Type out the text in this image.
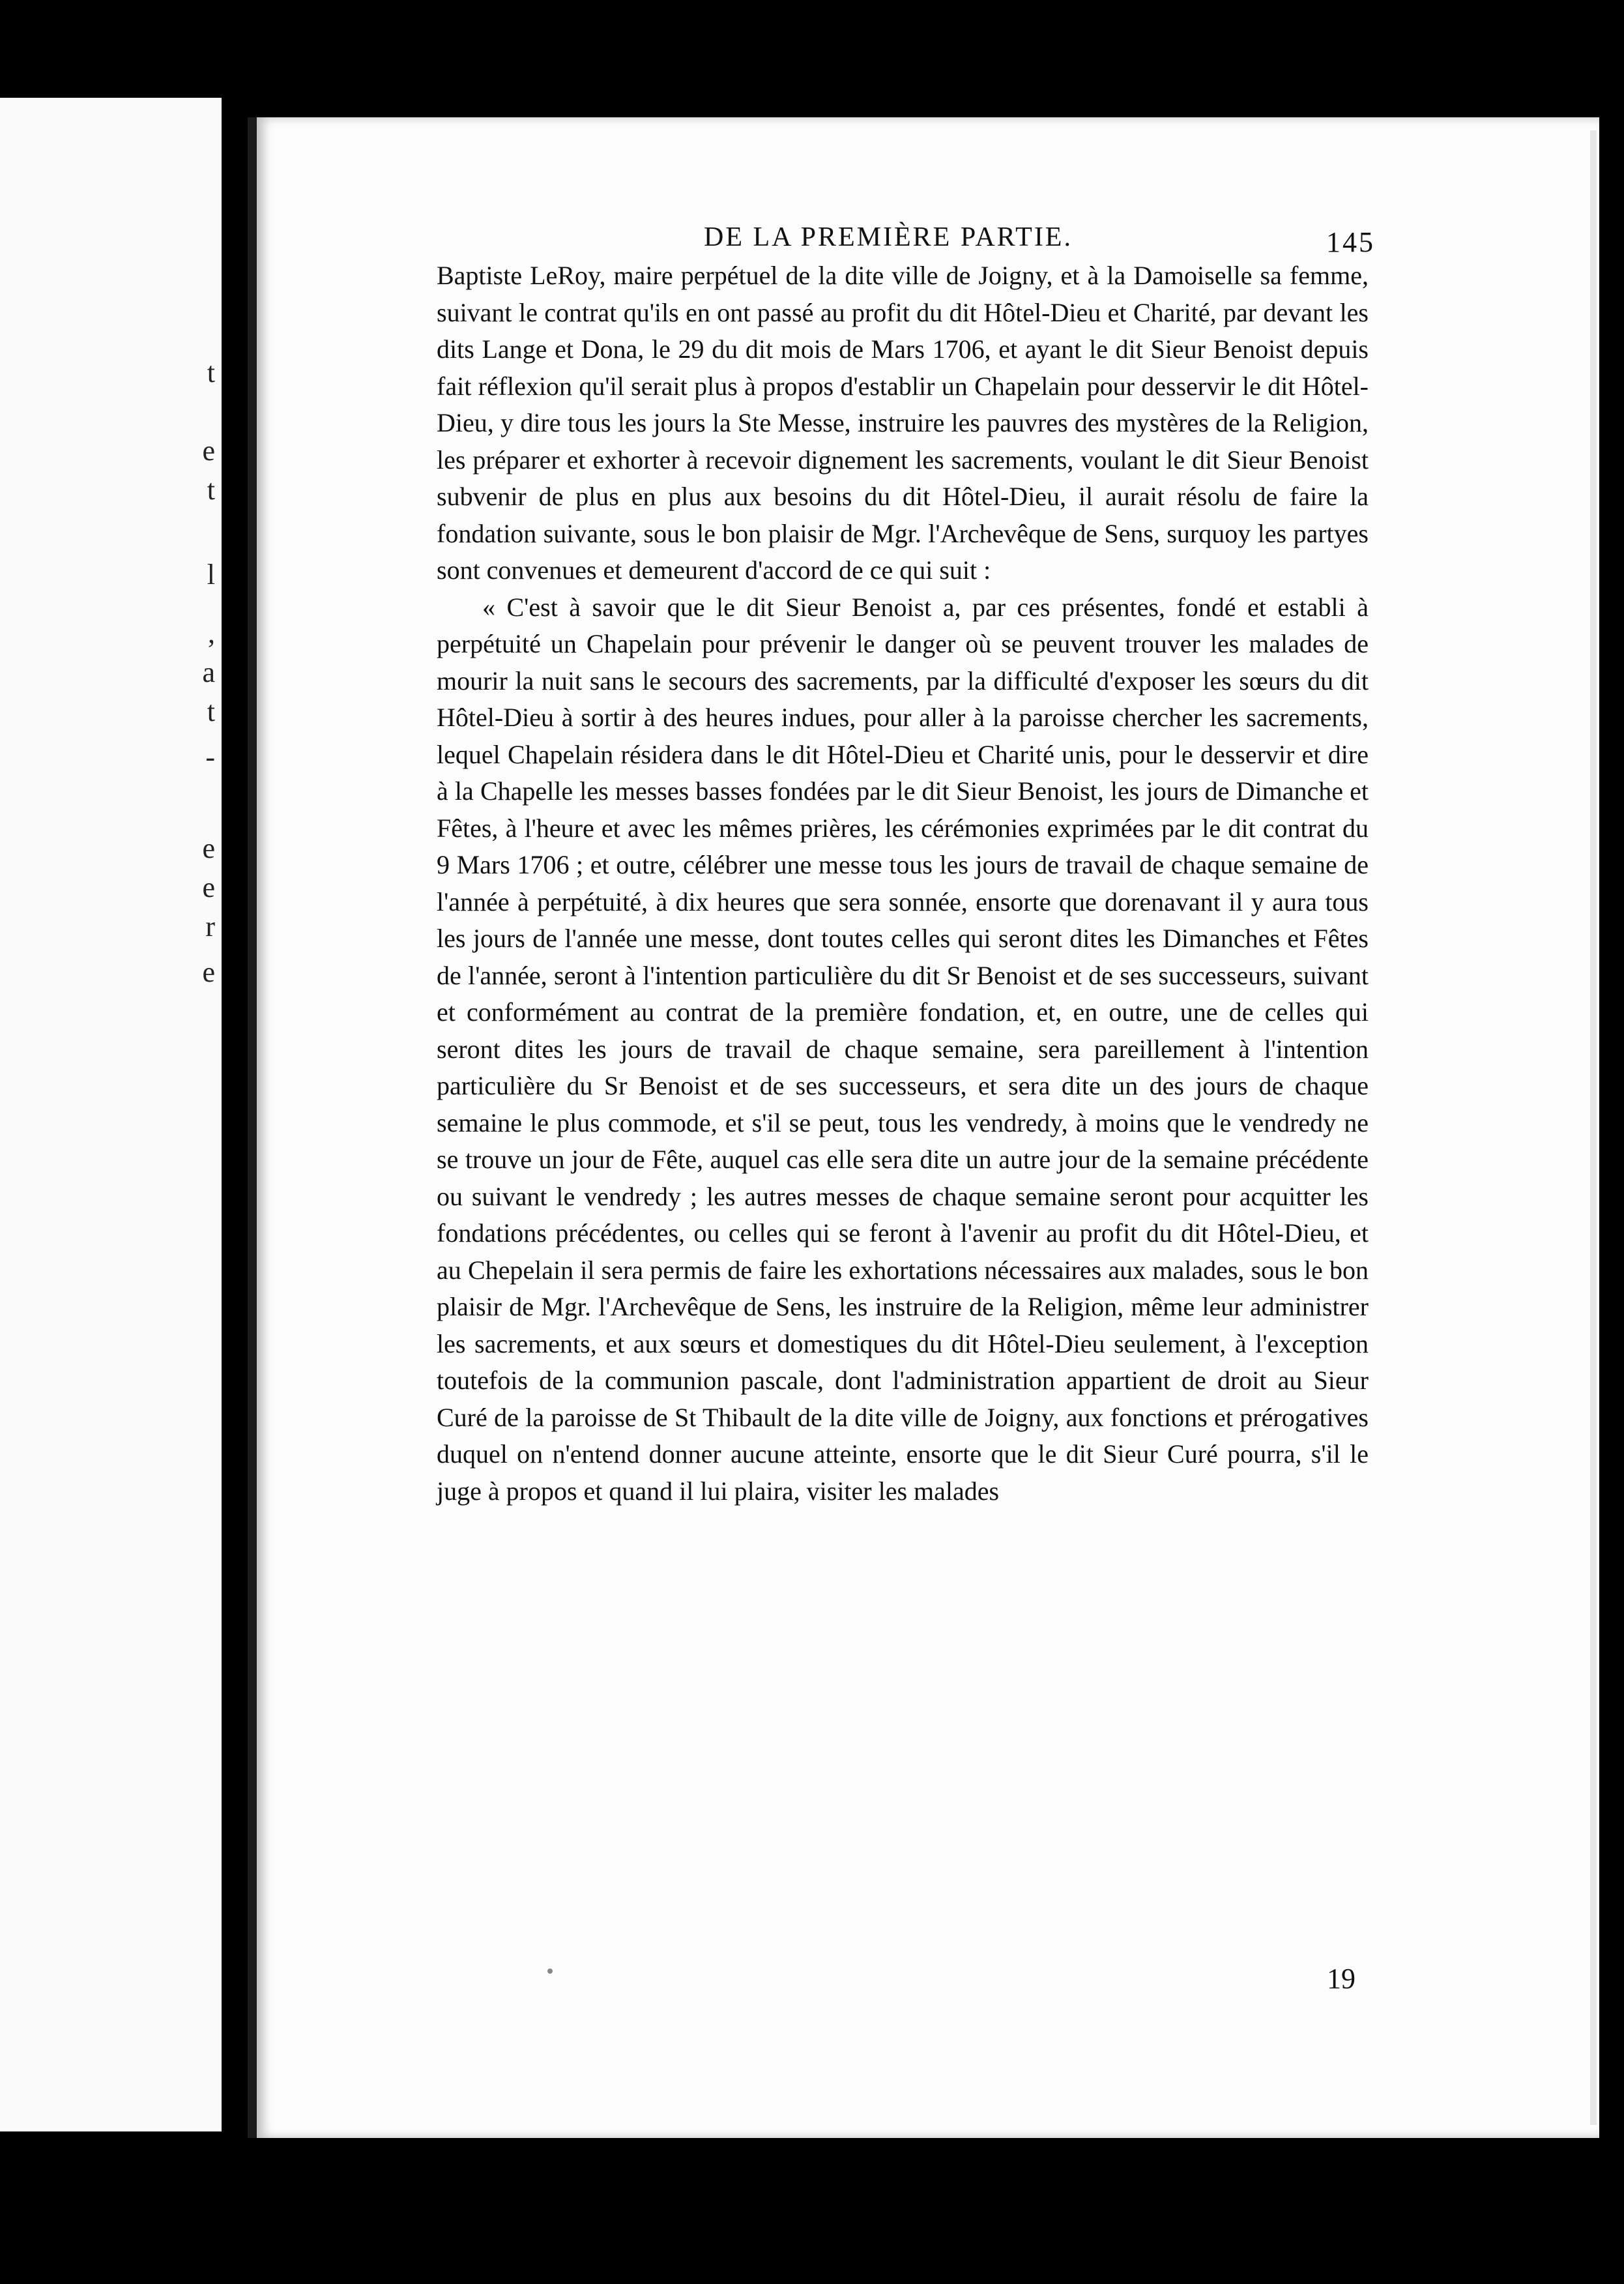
t
e
t
l
,
a
t
-
e
e
r
e
DE LA PREMIÈRE PARTIE.	145

Baptiste LeRoy, maire perpétuel de la dite ville de Joigny, et à la Damoiselle sa femme, suivant le contrat qu'ils en ont passé au profit du dit Hôtel-Dieu et Charité, par devant les dits Lange et Dona, le 29 du dit mois de Mars 1706, et ayant le dit Sieur Benoist depuis fait réflexion qu'il serait plus à propos d'establir un Chapelain pour desservir le dit Hôtel-Dieu, y dire tous les jours la Ste Messe, instruire les pauvres des mystères de la Religion, les préparer et exhorter à recevoir dignement les sacrements, voulant le dit Sieur Benoist subvenir de plus en plus aux besoins du dit Hôtel-Dieu, il aurait résolu de faire la fondation suivante, sous le bon plaisir de Mgr. l'Archevêque de Sens, surquoy les partyes sont convenues et demeurent d'accord de ce qui suit :

« C'est à savoir que le dit Sieur Benoist a, par ces présentes, fondé et establi à perpétuité un Chapelain pour prévenir le danger où se peuvent trouver les malades de mourir la nuit sans le secours des sacrements, par la difficulté d'exposer les sœurs du dit Hôtel-Dieu à sortir à des heures indues, pour aller à la paroisse chercher les sacrements, lequel Chapelain résidera dans le dit Hôtel-Dieu et Charité unis, pour le desservir et dire à la Chapelle les messes basses fondées par le dit Sieur Benoist, les jours de Dimanche et Fêtes, à l'heure et avec les mêmes prières, les cérémonies exprimées par le dit contrat du 9 Mars 1706 ; et outre, célébrer une messe tous les jours de travail de chaque semaine de l'année à perpétuité, à dix heures que sera sonnée, ensorte que dorenavant il y aura tous les jours de l'année une messe, dont toutes celles qui seront dites les Dimanches et Fêtes de l'année, seront à l'intention particulière du dit Sr Benoist et de ses successeurs, suivant et conformément au contrat de la première fondation, et, en outre, une de celles qui seront dites les jours de travail de chaque semaine, sera pareillement à l'intention particulière du Sr Benoist et de ses successeurs, et sera dite un des jours de chaque semaine le plus commode, et s'il se peut, tous les vendredy, à moins que le vendredy ne se trouve un jour de Fête, auquel cas elle sera dite un autre jour de la semaine précédente ou suivant le vendredy ; les autres messes de chaque semaine seront pour acquitter les fondations précédentes, ou celles qui se feront à l'avenir au profit du dit Hôtel-Dieu, et au Chepelain il sera permis de faire les exhortations nécessaires aux malades, sous le bon plaisir de Mgr. l'Archevêque de Sens, les instruire de la Religion, même leur administrer les sacrements, et aux sœurs et domestiques du dit Hôtel-Dieu seulement, à l'exception toutefois de la communion pascale, dont l'administration appartient de droit au Sieur Curé de la paroisse de St Thibault de la dite ville de Joigny, aux fonctions et prérogatives duquel on n'entend donner aucune atteinte, ensorte que le dit Sieur Curé pourra, s'il le juge à propos et quand il lui plaira, visiter les malades

19
